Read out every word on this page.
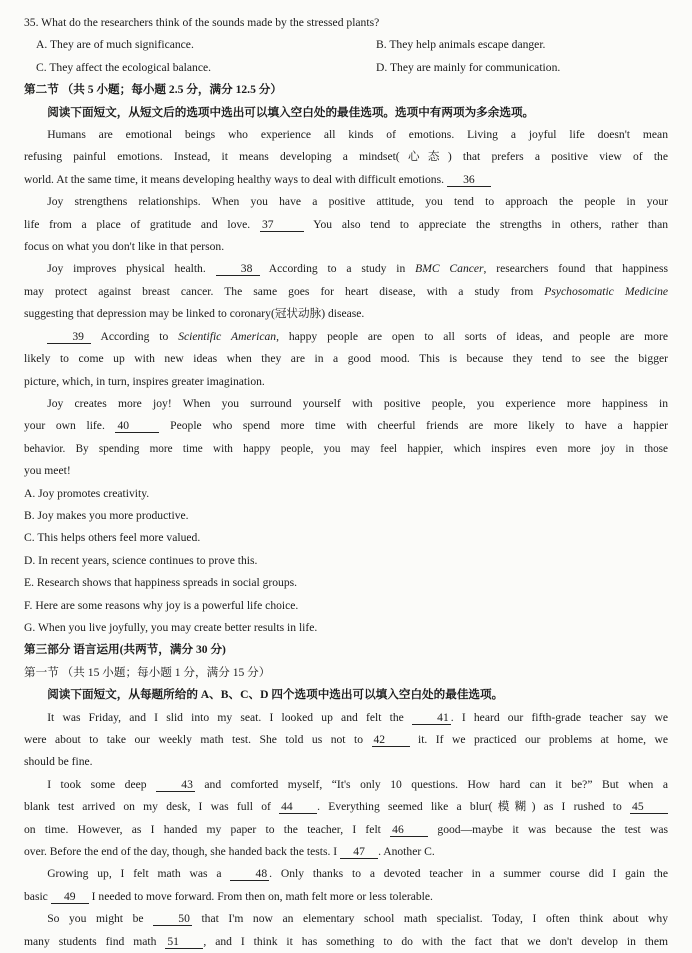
35. What do the researchers think of the sounds made by the stressed plants?
A. They are of much significance.	B. They help animals escape danger.
C. They affect the ecological balance.	D. They are mainly for communication.
第二节 （共 5 小题；每小题 2.5 分，满分 12.5 分）
阅读下面短文，从短文后的选项中选出可以填入空白处的最佳选项。选项中有两项为多余选项。
Humans are emotional beings who experience all kinds of emotions. Living a joyful life doesn't mean
refusing painful emotions. Instead, it means developing a mindset(心态) that prefers a positive view of the
world. At the same time, it means developing healthy ways to deal with difficult emotions. 36
Joy strengthens relationships. When you have a positive attitude, you tend to approach the people in your
life from a place of gratitude and love. 37	You also tend to appreciate the strengths in others, rather than
focus on what you don't like in that person.
Joy improves physical health.	38 According to a study in BMC Cancer, researchers found that happiness
may protect against breast cancer. The same goes for heart disease, with a study from Psychosomatic Medicine
suggesting that depression may be linked to coronary(冠状动脉) disease.
39 According to Scientific American, happy people are open to all sorts of ideas, and people are more
likely to come up with new ideas when they are in a good mood. This is because they tend to see the bigger
picture, which, in turn, inspires greater imagination.
Joy creates more joy! When you surround yourself with positive people, you experience more happiness in
your own life. 40	People who spend more time with cheerful friends are more likely to have a happier
behavior. By spending more time with happy people, you may feel happier, which inspires even more joy in those
you meet!
A. Joy promotes creativity.
B. Joy makes you more productive.
C. This helps others feel more valued.
D. In recent years, science continues to prove this.
E. Research shows that happiness spreads in social groups.
F. Here are some reasons why joy is a powerful life choice.
G. When you live joyfully, you may create better results in life.
第三部分 语言运用(共两节，满分 30 分)
第一节 （共 15 小题；每小题 1 分，满分 15 分）
阅读下面短文，从每题所给的 A、B、C、D 四个选项中选出可以填入空白处的最佳选项。
It was Friday, and I slid into my seat. I looked up and felt the	41 . I heard our fifth-grade teacher say we
were about to take our weekly math test. She told us not to 42	it. If we practiced our problems at home, we
should be fine.
I took some deep	43 and comforted myself, “It's only 10 questions. How hard can it be?” But when a
blank test arrived on my desk, I was full of 44 . Everything seemed like a blur(模糊) as I rushed to 45
on time. However, as I handed my paper to the teacher, I felt 46	good—maybe it was because the test was
over. Before the end of the day, though, she handed back the tests. I 47 . Another C.
Growing up, I felt math was a	48 . Only thanks to a devoted teacher in a summer course did I gain the
basic 49 I needed to move forward. From then on, math felt more or less tolerable.
So you might be	50 that I'm now an elementary school math specialist. Today, I often think about why
many students find math 51 , and I think it has something to do with the fact that we don't develop in them
